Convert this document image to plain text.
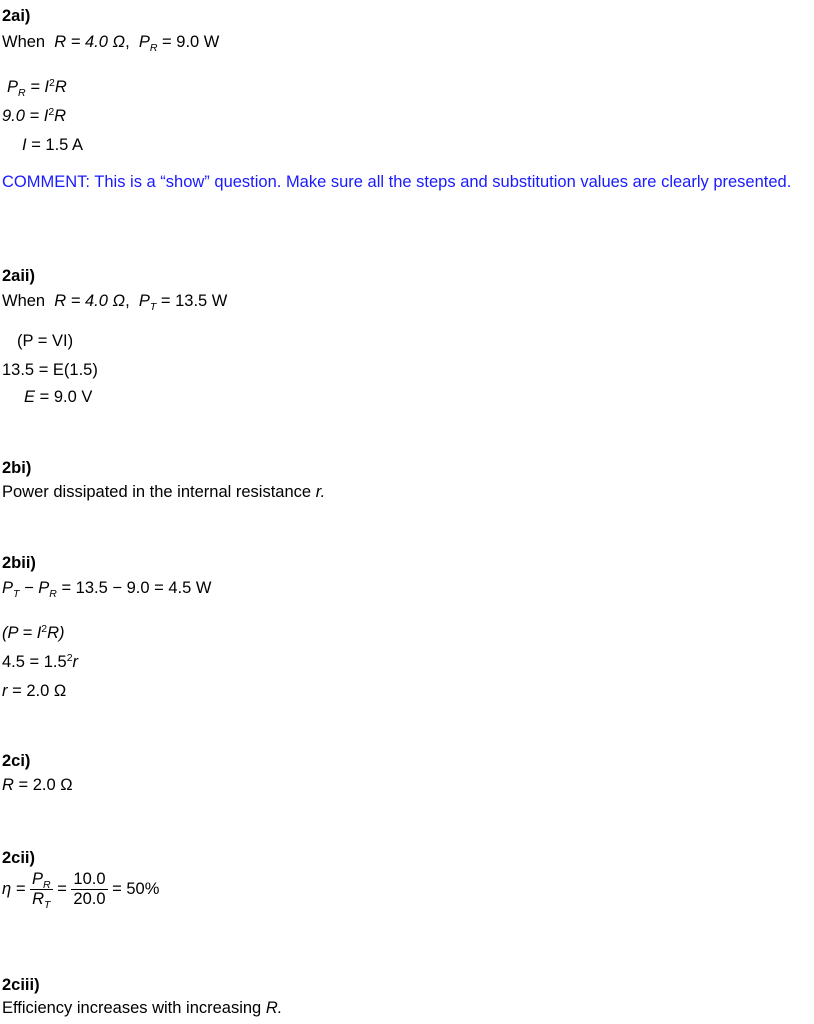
2ai)
When R = 4.0 Ω,  $P_R = 9.0$ W
$P_R = I^2R$
$9.0 = I^2R$
I = 1.5 A
COMMENT: This is a “show” question. Make sure all the steps and substitution values are clearly presented.
2aii)
When R = 4.0 Ω,  $P_T = 13.5$ W
(P = VI)
13.5 = E(1.5)
E = 9.0 V
2bi)
Power dissipated in the internal resistance r.
2bii)
$P_T - P_R = 13.5 - 9.0 = 4.5$ W
$(P = I^2R)$
$4.5 = 1.5^2r$
r = 2.0 Ω
2ci)
R = 2.0 Ω
2cii)
$\eta = \frac{P_R}{R_T} = \frac{10.0}{20.0} = 50\%$
2ciii)
Efficiency increases with increasing R.
